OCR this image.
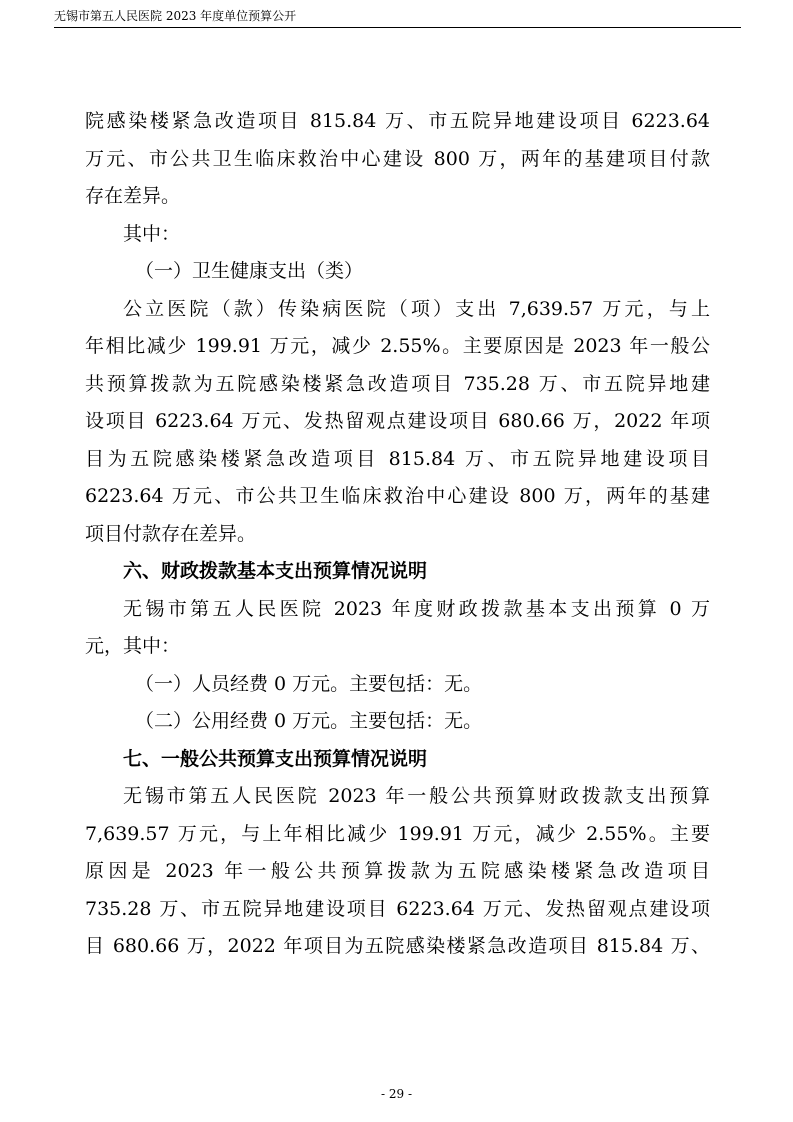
无锡市第五人民医院 2023 年度单位预算公开
院感染楼紧急改造项目 815.84 万、市五院异地建设项目 6223.64
万元、市公共卫生临床救治中心建设 800 万，两年的基建项目付款
存在差异。
其中：
（一）卫生健康支出（类）
公立医院（款）传染病医院（项）支出 7,639.57 万元，与上
年相比减少 199.91 万元，减少 2.55%。主要原因是 2023 年一般公
共预算拨款为五院感染楼紧急改造项目 735.28 万、市五院异地建
设项目 6223.64 万元、发热留观点建设项目 680.66 万，2022 年项
目为五院感染楼紧急改造项目 815.84 万、市五院异地建设项目
6223.64 万元、市公共卫生临床救治中心建设 800 万，两年的基建
项目付款存在差异。
六、财政拨款基本支出预算情况说明
无锡市第五人民医院 2023 年度财政拨款基本支出预算 0 万
元，其中：
（一）人员经费 0 万元。主要包括：无。
（二）公用经费 0 万元。主要包括：无。
七、一般公共预算支出预算情况说明
无锡市第五人民医院 2023 年一般公共预算财政拨款支出预算
7,639.57 万元，与上年相比减少 199.91 万元，减少 2.55%。主要
原因是 2023 年一般公共预算拨款为五院感染楼紧急改造项目
735.28 万、市五院异地建设项目 6223.64 万元、发热留观点建设项
目 680.66 万，2022 年项目为五院感染楼紧急改造项目 815.84 万、
- 29 -
